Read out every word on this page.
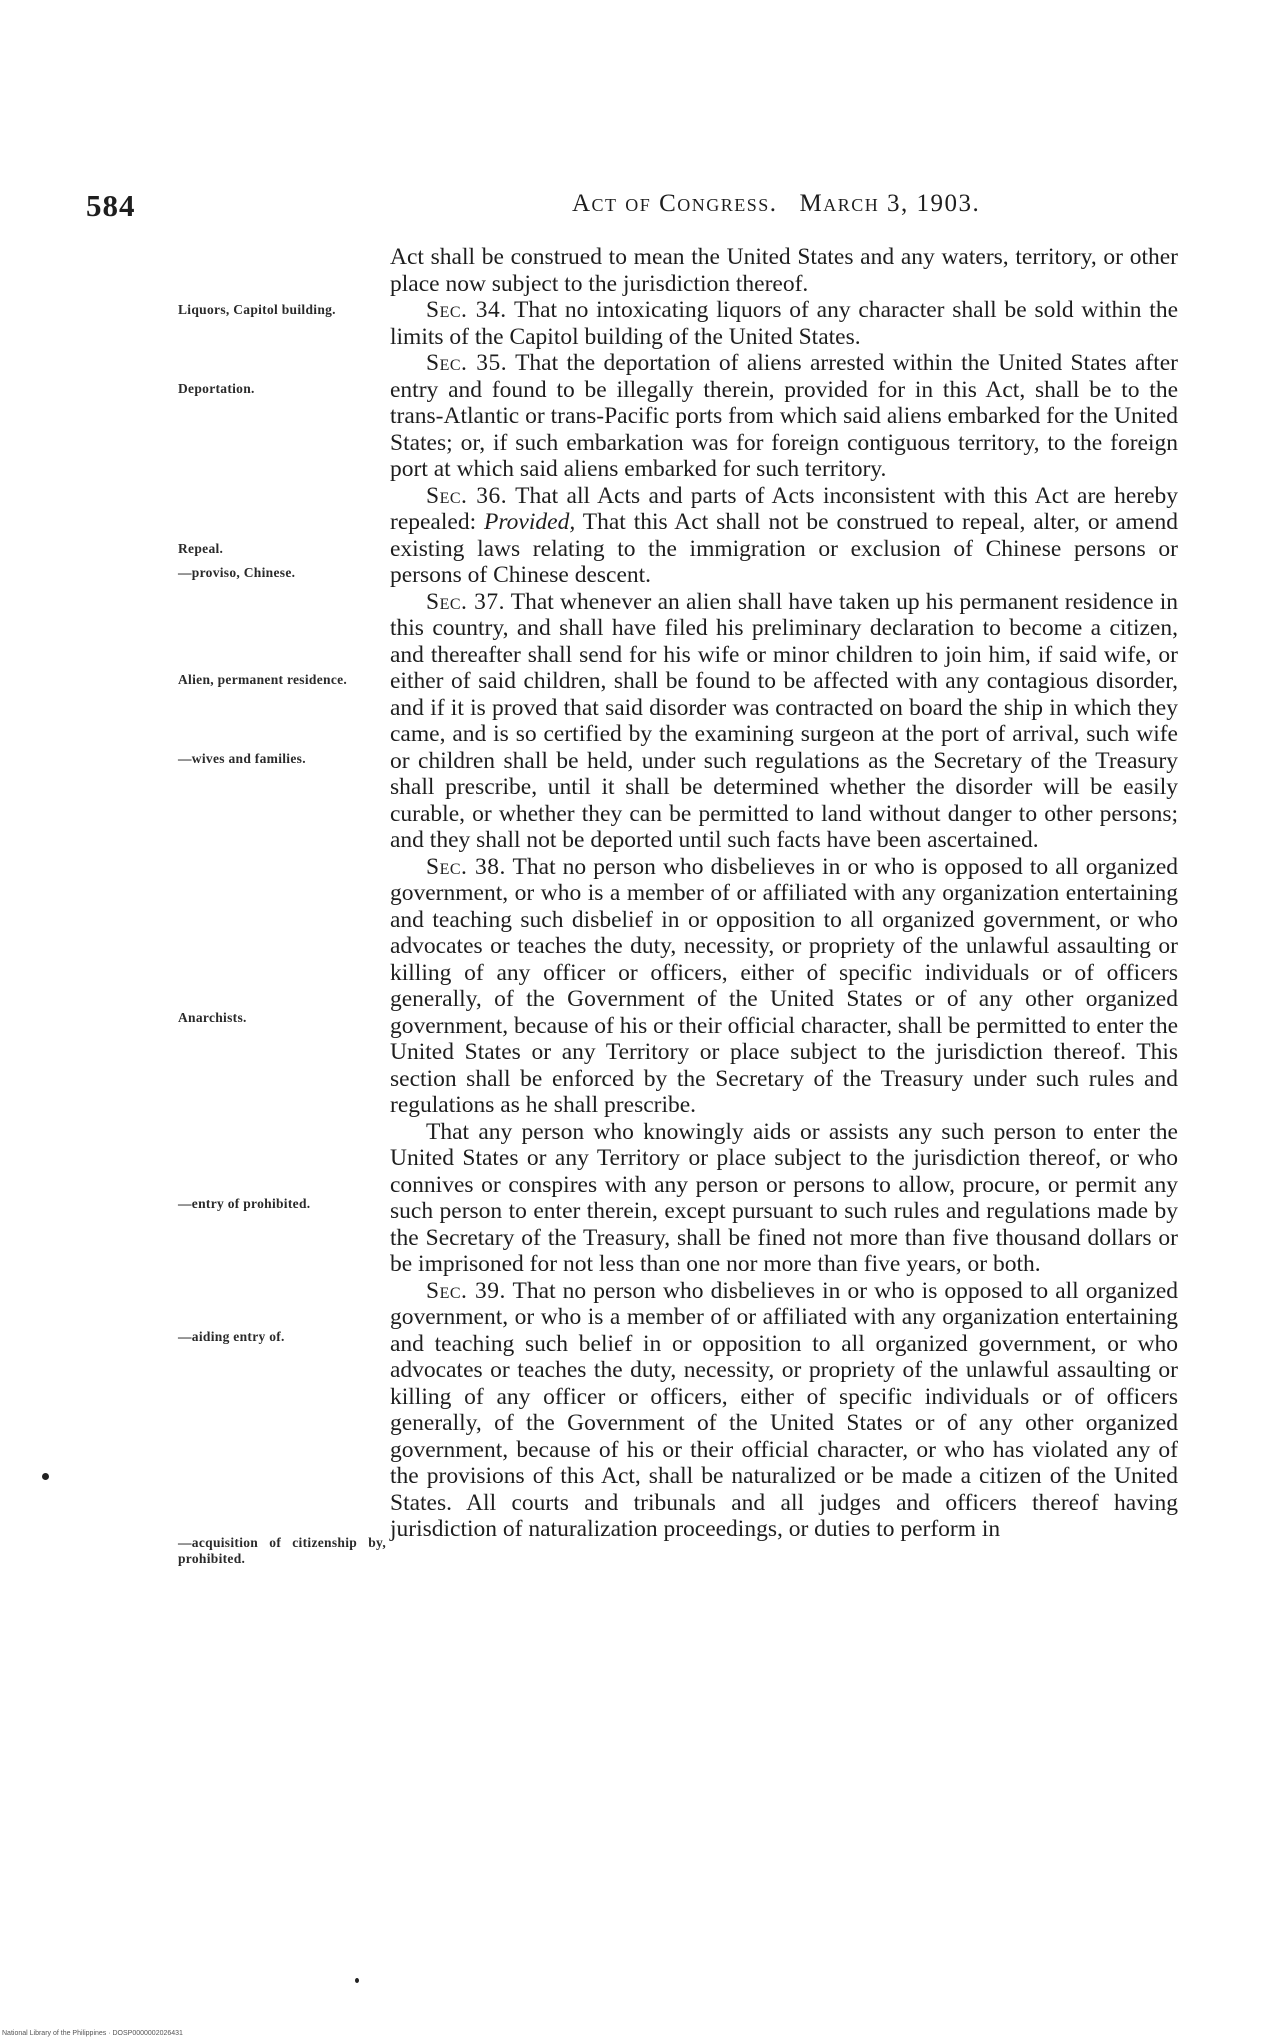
584	Act of Congress. March 3, 1903.
Liquors, Capitol building.
Deportation.
Repeal.
—proviso, Chinese.
Alien, permanent residence.
—wives and families.
Anarchists.
—entry of prohibited.
—aiding entry of.
—acquisition of citizenship by, prohibited.

Act shall be construed to mean the United States and any waters, territory, or other place now subject to the jurisdiction thereof.

Sec. 34. That no intoxicating liquors of any character shall be sold within the limits of the Capitol building of the United States.

Sec. 35. That the deportation of aliens arrested within the United States after entry and found to be illegally therein, provided for in this Act, shall be to the trans-Atlantic or trans-Pacific ports from which said aliens embarked for the United States; or, if such embarkation was for foreign contiguous territory, to the foreign port at which said aliens embarked for such territory.

Sec. 36. That all Acts and parts of Acts inconsistent with this Act are hereby repealed: Provided, That this Act shall not be construed to repeal, alter, or amend existing laws relating to the immigration or exclusion of Chinese persons or persons of Chinese descent.

Sec. 37. That whenever an alien shall have taken up his permanent residence in this country, and shall have filed his preliminary declaration to become a citizen, and thereafter shall send for his wife or minor children to join him, if said wife, or either of said children, shall be found to be affected with any contagious disorder, and if it is proved that said disorder was contracted on board the ship in which they came, and is so certified by the examining surgeon at the port of arrival, such wife or children shall be held, under such regulations as the Secretary of the Treasury shall prescribe, until it shall be determined whether the disorder will be easily curable, or whether they can be permitted to land without danger to other persons; and they shall not be deported until such facts have been ascertained.

Sec. 38. That no person who disbelieves in or who is opposed to all organized government, or who is a member of or affiliated with any organization entertaining and teaching such disbelief in or opposition to all organized government, or who advocates or teaches the duty, necessity, or propriety of the unlawful assaulting or killing of any officer or officers, either of specific individuals or of officers generally, of the Government of the United States or of any other organized government, because of his or their official character, shall be permitted to enter the United States or any Territory or place subject to the jurisdiction thereof. This section shall be enforced by the Secretary of the Treasury under such rules and regulations as he shall prescribe.

That any person who knowingly aids or assists any such person to enter the United States or any Territory or place subject to the jurisdiction thereof, or who connives or conspires with any person or persons to allow, procure, or permit any such person to enter therein, except pursuant to such rules and regulations made by the Secretary of the Treasury, shall be fined not more than five thousand dollars or be imprisoned for not less than one nor more than five years, or both.

Sec. 39. That no person who disbelieves in or who is opposed to all organized government, or who is a member of or affiliated with any organization entertaining and teaching such belief in or opposition to all organized government, or who advocates or teaches the duty, necessity, or propriety of the unlawful assaulting or killing of any officer or officers, either of specific individuals or of officers generally, of the Government of the United States or of any other organized government, because of his or their official character, or who has violated any of the provisions of this Act, shall be naturalized or be made a citizen of the United States. All courts and tribunals and all judges and officers thereof having jurisdiction of naturalization proceedings, or duties to perform in

National Library of the Philippines · DOSP0000002026431
